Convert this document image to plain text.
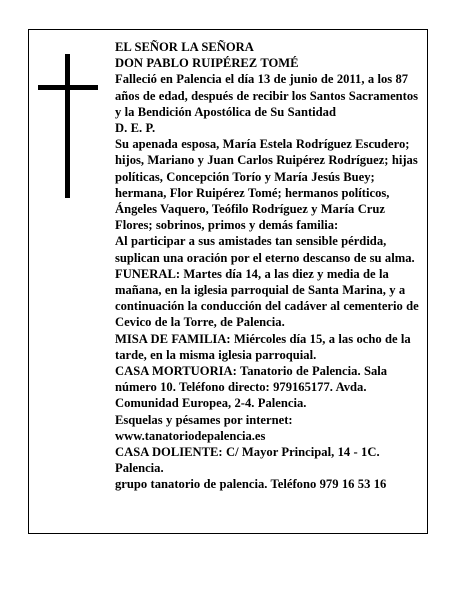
EL SEÑOR LA SEÑORA

DON PABLO RUIPÉREZ TOMÉ

Falleció en Palencia el día 13 de junio de 2011, a los 87 años de edad, después de recibir los Santos Sacramentos y la Bendición Apostólica de Su Santidad

D. E. P.

Su apenada esposa, María Estela Rodríguez Escudero; hijos, Mariano y Juan Carlos Ruipérez Rodríguez; hijas políticas, Concepción Torío y María Jesús Buey; hermana, Flor Ruipérez Tomé; hermanos políticos, Ángeles Vaquero, Teófilo Rodríguez y María Cruz Flores; sobrinos, primos y demás familia:

Al participar a sus amistades tan sensible pérdida, suplican una oración por el eterno descanso de su alma.

FUNERAL: Martes día 14, a las diez y media de la mañana, en la iglesia parroquial de Santa Marina, y a continuación la conducción del cadáver al cementerio de Cevico de la Torre, de Palencia.

MISA DE FAMILIA: Miércoles día 15, a las ocho de la tarde, en la misma iglesia parroquial.

CASA MORTUORIA: Tanatorio de Palencia. Sala número 10. Teléfono directo: 979165177. Avda. Comunidad Europea, 2-4. Palencia.

Esquelas y pésames por internet: www.tanatoriodepalencia.es

CASA DOLIENTE: C/ Mayor Principal, 14 - 1C. Palencia.

grupo tanatorio de palencia. Teléfono 979 16 53 16
